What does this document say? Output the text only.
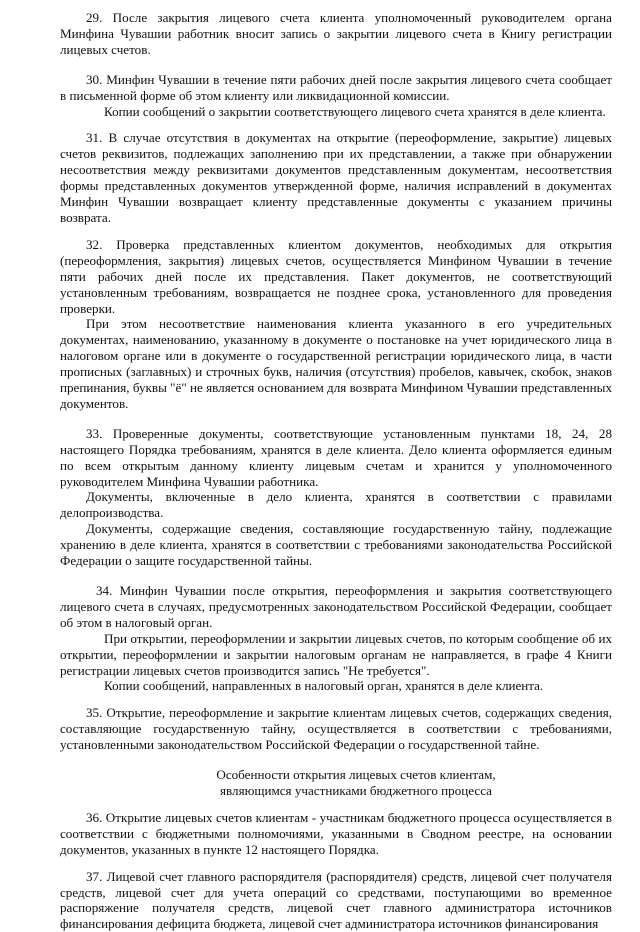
29. После закрытия лицевого счета клиента уполномоченный руководителем органа Минфина Чувашии работник вносит запись о закрытии лицевого счета в Книгу регистрации лицевых счетов.

30. Минфин Чувашии в течение пяти рабочих дней после закрытия лицевого счета сообщает в письменной форме об этом клиенту или ликвидационной комиссии.

Копии сообщений о закрытии соответствующего лицевого счета хранятся в деле клиента.

31. В случае отсутствия в документах на открытие (переоформление, закрытие) лицевых счетов реквизитов, подлежащих заполнению при их представлении, а также при обнаружении несоответствия между реквизитами документов представленным документам, несоответствия формы представленных документов утвержденной форме, наличия исправлений в документах Минфин Чувашии возвращает клиенту представленные документы с указанием причины возврата.

32. Проверка представленных клиентом документов, необходимых для открытия (переоформления, закрытия) лицевых счетов, осуществляется Минфином Чувашии в течение пяти рабочих дней после их представления. Пакет документов, не соответствующий установленным требованиям, возвращается не позднее срока, установленного для проведения проверки.

При этом несоответствие наименования клиента указанного в его учредительных документах, наименованию, указанному в документе о постановке на учет юридического лица в налоговом органе или в документе о государственной регистрации юридического лица, в части прописных (заглавных) и строчных букв, наличия (отсутствия) пробелов, кавычек, скобок, знаков препинания, буквы "ё" не является основанием для возврата Минфином Чувашии представленных документов.

33. Проверенные документы, соответствующие установленным пунктами 18, 24, 28 настоящего Порядка требованиям, хранятся в деле клиента. Дело клиента оформляется единым по всем открытым данному клиенту лицевым счетам и хранится у уполномоченного руководителем Минфина Чувашии работника.

Документы, включенные в дело клиента, хранятся в соответствии с правилами делопроизводства.

Документы, содержащие сведения, составляющие государственную тайну, подлежащие хранению в деле клиента, хранятся в соответствии с требованиями законодательства Российской Федерации о защите государственной тайны.

34. Минфин Чувашии после открытия, переоформления и закрытия соответствующего лицевого счета в случаях, предусмотренных законодательством Российской Федерации, сообщает об этом в налоговый орган.

При открытии, переоформлении и закрытии лицевых счетов, по которым сообщение об их открытии, переоформлении и закрытии налоговым органам не направляется, в графе 4 Книги регистрации лицевых счетов производится запись "Не требуется".

Копии сообщений, направленных в налоговый орган, хранятся в деле клиента.

35. Открытие, переоформление и закрытие клиентам лицевых счетов, содержащих сведения, составляющие государственную тайну, осуществляется в соответствии с требованиями, установленными законодательством Российской Федерации о государственной тайне.

Особенности открытия лицевых счетов клиентам,

являющимся участниками бюджетного процесса

36. Открытие лицевых счетов клиентам - участникам бюджетного процесса осуществляется в соответствии с бюджетными полномочиями, указанными в Сводном реестре, на основании документов, указанных в пункте 12 настоящего Порядка.

37. Лицевой счет главного распорядителя (распорядителя) средств, лицевой счет получателя средств, лицевой счет для учета операций со средствами, поступающими во временное распоряжение получателя средств, лицевой счет главного администратора источников финансирования дефицита бюджета, лицевой счет администратора источников финансирования
